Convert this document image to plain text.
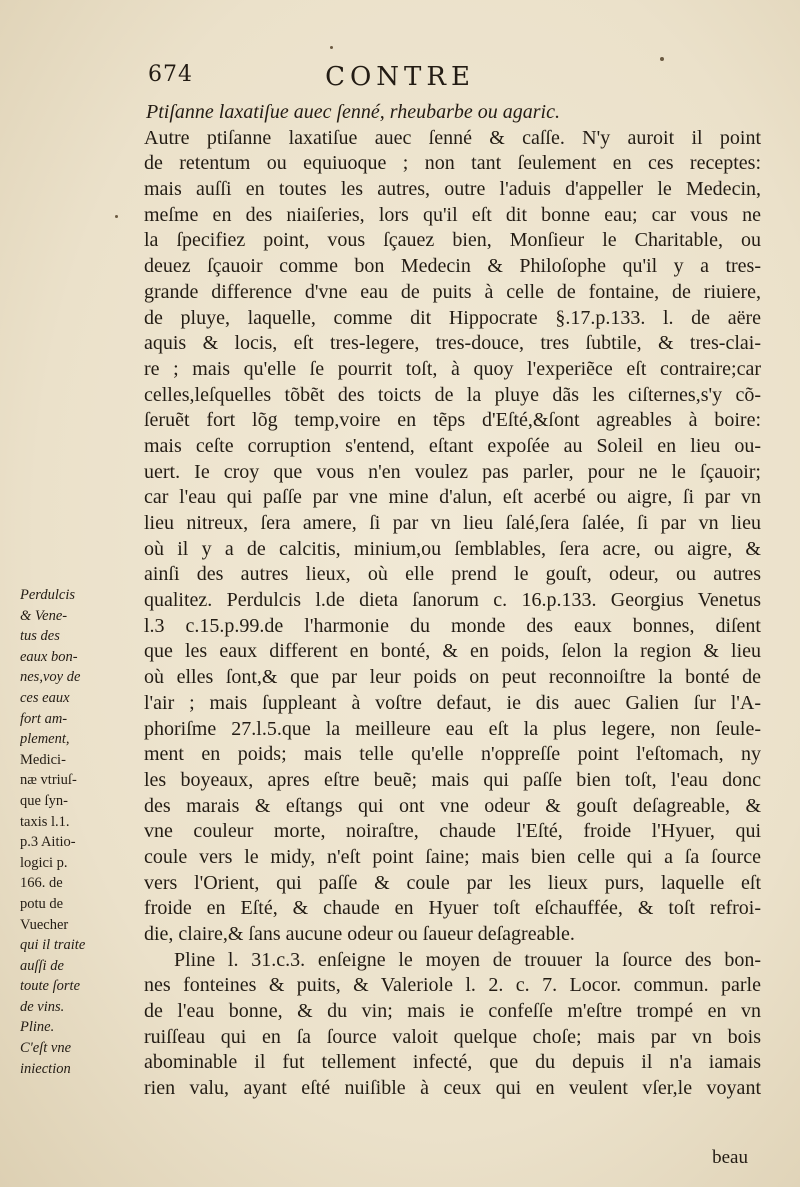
674	CONTRE
Ptiſanne laxatiſue auec ſenné, rheubarbe ou agaric.
Autre ptiſanne laxatiſue auec ſenné & caſſe. N'y auroit il point
de retentum ou equiuoque ; non tant ſeulement en ces receptes:
mais auſſi en toutes les autres, outre l'aduis d'appeller le Medecin,
meſme en des niaiſeries, lors qu'il eſt dit bonne eau; car vous ne
la ſpecifiez point, vous ſçauez bien, Monſieur le Charitable, ou
deuez ſçauoir comme bon Medecin & Philoſophe qu'il y a tres-
grande difference d'vne eau de puits à celle de fontaine, de riuiere,
de pluye, laquelle, comme dit Hippocrate §.17.p.133. l. de aëre
aquis & locis, eſt tres-legere, tres-douce, tres ſubtile, & tres-clai-
re ; mais qu'elle ſe pourrit toſt, à quoy l'experiẽce eſt contraire;car
celles,leſquelles tõbẽt des toicts de la pluye dãs les ciſternes,s'y cõ-
ſeruẽt fort lõg temp,voire en tẽps d'Eſté,&ſont agreables à boire:
mais ceſte corruption s'entend, eſtant expoſée au Soleil en lieu ou-
uert. Ie croy que vous n'en voulez pas parler, pour ne le ſçauoir;
car l'eau qui paſſe par vne mine d'alun, eſt acerbé ou aigre, ſi par vn
lieu nitreux, ſera amere, ſi par vn lieu ſalé,ſera ſalée, ſi par vn lieu
où il y a de calcitis, minium,ou ſemblables, ſera acre, ou aigre, &
ainſi des autres lieux, où elle prend le gouſt, odeur, ou autres
qualitez. Perdulcis l.de dieta ſanorum c. 16.p.133. Georgius Venetus
l.3 c.15.p.99.de l'harmonie du monde des eaux bonnes, diſent
que les eaux different en bonté, & en poids, ſelon la region & lieu
où elles ſont,& que par leur poids on peut reconnoiſtre la bonté de
l'air ; mais ſuppleant à voſtre defaut, ie dis auec Galien ſur l'A-
phoriſme 27.l.5.que la meilleure eau eſt la plus legere, non ſeule-
ment en poids; mais telle qu'elle n'oppreſſe point l'eſtomach, ny
les boyeaux, apres eſtre beuẽ; mais qui paſſe bien toſt, l'eau donc
des marais & eſtangs qui ont vne odeur & gouſt deſagreable, &
vne couleur morte, noiraſtre, chaude l'Eſté, froide l'Hyuer, qui
coule vers le midy, n'eſt point ſaine; mais bien celle qui a ſa ſource
vers l'Orient, qui paſſe & coule par les lieux purs, laquelle eſt
froide en Eſté, & chaude en Hyuer toſt eſchauffée, & toſt refroi-
die, claire,& ſans aucune odeur ou ſaueur deſagreable.
Pline l. 31.c.3. enſeigne le moyen de trouuer la ſource des bon-
nes fonteines & puits, & Valeriole l. 2. c. 7. Locor. commun. parle
de l'eau bonne, & du vin; mais ie confeſſe m'eſtre trompé en vn
ruiſſeau qui en ſa ſource valoit quelque choſe; mais par vn bois
abominable il fut tellement infecté, que du depuis il n'a iamais
rien valu, ayant eſté nuiſible à ceux qui en veulent vſer,le voyant
Perdulcis
& Vene-
tus des
eaux bon-
nes,voy de
ces eaux
fort am-
plement,
Medici-
næ vtriuſ-
que ſyn-
taxis l.1.
p.3 Aitio-
logici p.
166. de
potu de
Vuecher
qui il traite
auſſi de
toute ſorte
de vins.
Pline.
C'eſt vne
iniection
beau
